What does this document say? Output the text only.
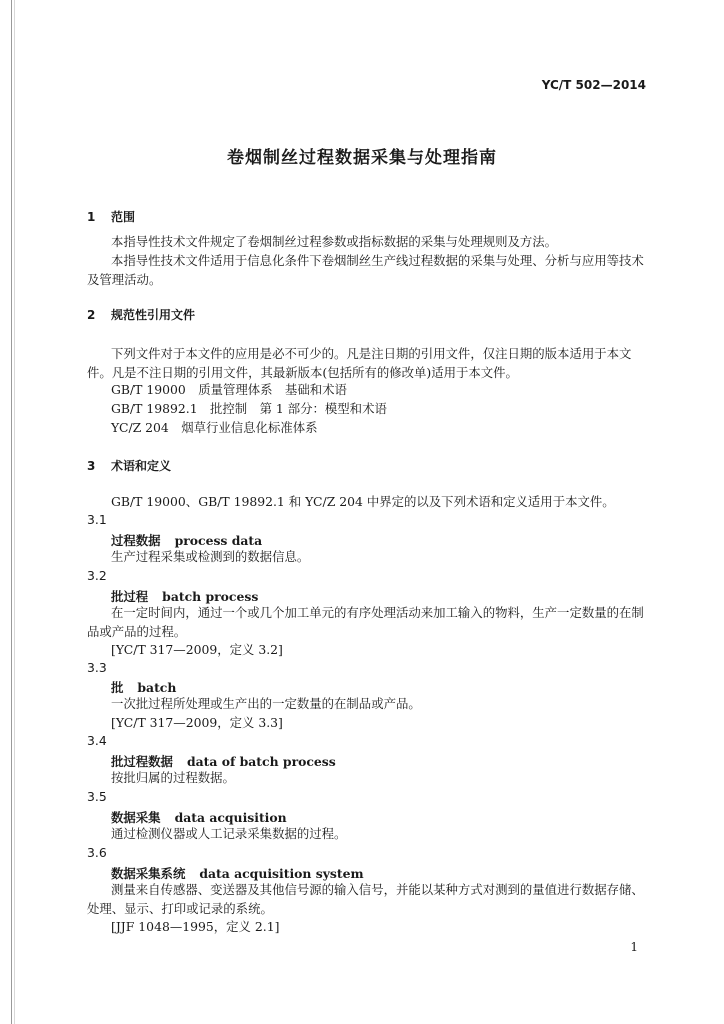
YC/T 502—2014
卷烟制丝过程数据采集与处理指南
1 范围
本指导性技术文件规定了卷烟制丝过程参数或指标数据的采集与处理规则及方法。
本指导性技术文件适用于信息化条件下卷烟制丝生产线过程数据的采集与处理、分析与应用等技术及管理活动。
2 规范性引用文件
下列文件对于本文件的应用是必不可少的。凡是注日期的引用文件，仅注日期的版本适用于本文件。凡是不注日期的引用文件，其最新版本(包括所有的修改单)适用于本文件。
GB/T 19000　质量管理体系　基础和术语
GB/T 19892.1　批控制　第 1 部分：模型和术语
YC/Z 204　烟草行业信息化标准体系
3 术语和定义
GB/T 19000、GB/T 19892.1 和 YC/Z 204 中界定的以及下列术语和定义适用于本文件。
3.1
过程数据 process data
生产过程采集或检测到的数据信息。
3.2
批过程 batch process
在一定时间内，通过一个或几个加工单元的有序处理活动来加工输入的物料，生产一定数量的在制品或产品的过程。
[YC/T 317—2009，定义 3.2]
3.3
批 batch
一次批过程所处理或生产出的一定数量的在制品或产品。
[YC/T 317—2009，定义 3.3]
3.4
批过程数据 data of batch process
按批归属的过程数据。
3.5
数据采集 data acquisition
通过检测仪器或人工记录采集数据的过程。
3.6
数据采集系统 data acquisition system
测量来自传感器、变送器及其他信号源的输入信号，并能以某种方式对测到的量值进行数据存储、处理、显示、打印或记录的系统。
[JJF 1048—1995，定义 2.1]
1
